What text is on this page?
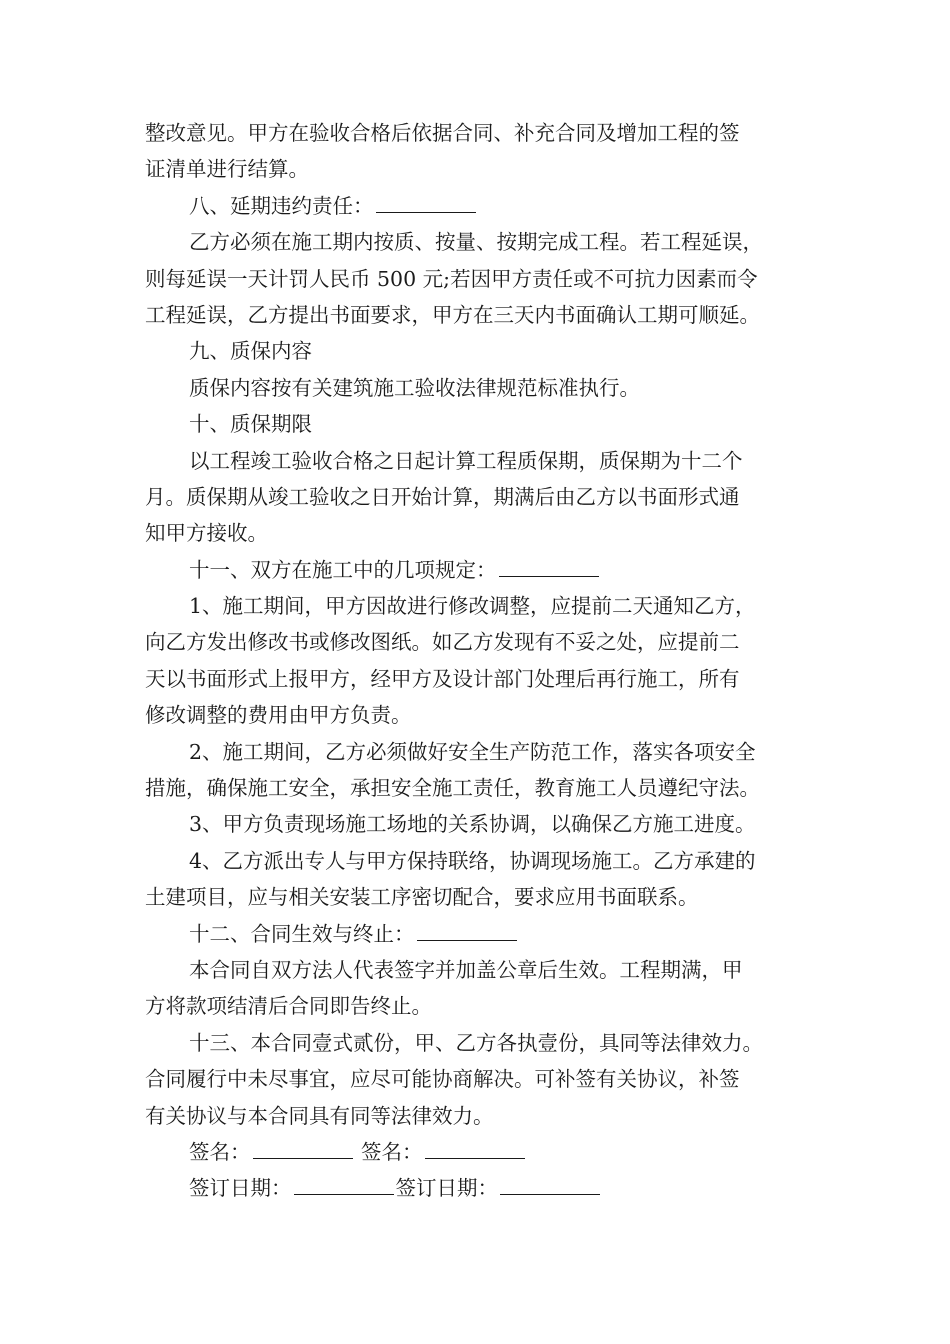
整改意见。甲方在验收合格后依据合同、补充合同及增加工程的签
证清单进行结算。
八、延期违约责任：
乙方必须在施工期内按质、按量、按期完成工程。若工程延误，
则每延误一天计罚人民币 500 元;若因甲方责任或不可抗力因素而令
工程延误，乙方提出书面要求，甲方在三天内书面确认工期可顺延。
九、质保内容
质保内容按有关建筑施工验收法律规范标准执行。
十、质保期限
以工程竣工验收合格之日起计算工程质保期，质保期为十二个
月。质保期从竣工验收之日开始计算，期满后由乙方以书面形式通
知甲方接收。
十一、双方在施工中的几项规定：
1、施工期间，甲方因故进行修改调整，应提前二天通知乙方，
向乙方发出修改书或修改图纸。如乙方发现有不妥之处，应提前二
天以书面形式上报甲方，经甲方及设计部门处理后再行施工，所有
修改调整的费用由甲方负责。
2、施工期间，乙方必须做好安全生产防范工作，落实各项安全
措施，确保施工安全，承担安全施工责任，教育施工人员遵纪守法。
3、甲方负责现场施工场地的关系协调，以确保乙方施工进度。
4、乙方派出专人与甲方保持联络，协调现场施工。乙方承建的
土建项目，应与相关安装工序密切配合，要求应用书面联系。
十二、合同生效与终止：
本合同自双方法人代表签字并加盖公章后生效。工程期满，甲
方将款项结清后合同即告终止。
十三、本合同壹式贰份，甲、乙方各执壹份，具同等法律效力。
合同履行中未尽事宜，应尽可能协商解决。可补签有关协议，补签
有关协议与本合同具有同等法律效力。
签名：	签名：
签订日期：	签订日期：
